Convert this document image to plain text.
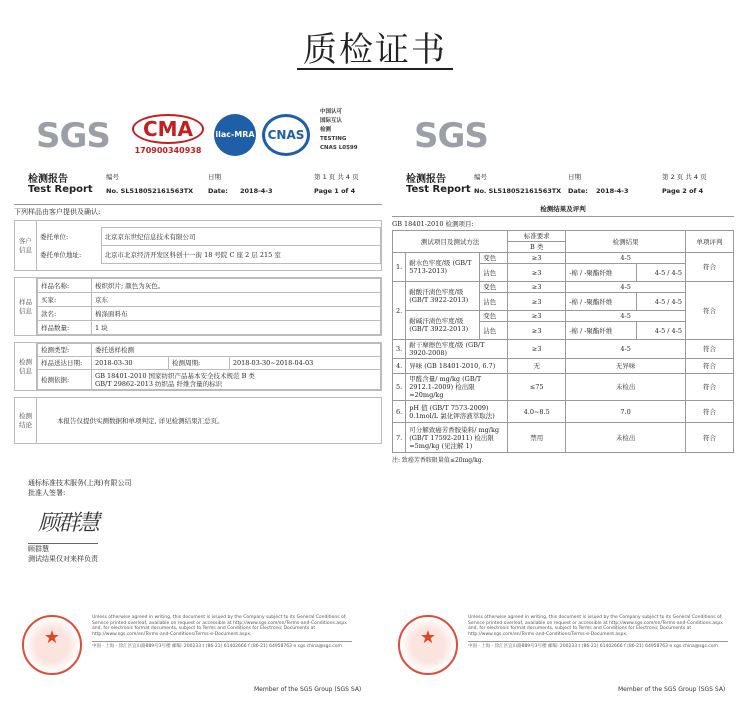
质检证书
SGS	CMA
170900340938
ilac-MRA	CNAS
中国认可
国际互认
检测
TESTING
CNAS L0599
检测报告
Test Report
编号
No. SL518052161563TX
日期
Date: 2018-4-3
第 1 页 共 4 页
Page 1 of 4
下列样品由客户提供及确认:
客户信息	
委托单位:	北京京东世纪信息技术有限公司
委托单位地址:	北京市北京经济开发区科创十一街 18 号院 C 座 2 层 215 室
样品信息	
样品名称:	梭织织片; 颜色为灰色。
买家:	京东
款名:	棉涤面料布
样品数量:	1 块
检测信息	
检测类型:	委托送样检测
样品送达日期:	2018-03-30	检测周期:	2018-03-30~2018-04-03
检测依据:	GB 18401-2010 国家纺织产品基本安全技术规范 B 类
GB/T 29862-2013 纺织品 纤维含量的标识
检测结论	本报告仅提供实测数据和单项判定, 详见检测结果汇总页。
SGS
检测报告
Test Report
编号
No. SL518052161563TX
日期
Date: 2018-4-3
第 2 页 共 4 页
Page 2 of 4
检测结果及评判
GB 18401-2010 检测项目:
测试项目及测试方法			标准要求	检测结果		单项评判
			B 类			
1.	耐水色牢度/级 (GB/T 5713-2013)	变色	≥3	4-5		符合
		沾色	≥3	-棉 / -聚酯纤维	4-5 / 4-5	
2.	耐酸汗渍色牢度/级 (GB/T 3922-2013)	变色	≥3	4-5		符合
		沾色	≥3	-棉 / -聚酯纤维	4-5 / 4-5	
	耐碱汗渍色牢度/级 (GB/T 3922-2013)	变色	≥3	4-5		
		沾色	≥3	-棉 / -聚酯纤维	4-5 / 4-5	
3.	耐干摩擦色牢度/级 (GB/T 3920-2008)		≥3	4-5		符合
4.	异味 (GB 18401-2010, 6.7)		无	无异味		符合
5.	甲醛含量/ mg/kg (GB/T 2912.1-2009) 检出限=20mg/kg		≤75	未检出		符合
6.	pH 值 (GB/T 7573-2009) 0.1mol/L 氯化钾溶液萃取法)		4.0~8.5	7.0		符合
7.	可分解致癌芳香胺染料/ mg/kg (GB/T 17592-2011) 检出限=5mg/kg (见注解 1)		禁用	未检出		符合
注: 致癌芳香胺限量值≤20mg/kg.
通标标准技术服务(上海)有限公司
批准人签署:
顾群慧
顾群慧
测试结果仅对来样负责
★
Unless otherwise agreed in writing, this document is issued by the Company subject to its General Conditions of Service printed overleaf, available on request or accessible at http://www.sgs.com/en/Terms-and-Conditions.aspx and, for electronic format documents, subject to Terms and Conditions for Electronic Documents at http://www.sgs.com/en/Terms-and-Conditions/Terms-e-Document.aspx.
中国 · 上海 · 徐汇区宜山路889号3号楼 邮编: 200233 t (86-21) 61402666 f (86-21) 64958763 e sgs.china@sgs.com	★
Unless otherwise agreed in writing, this document is issued by the Company subject to its General Conditions of Service printed overleaf, available on request or accessible at http://www.sgs.com/en/Terms-and-Conditions.aspx and, for electronic format documents, subject to Terms and Conditions for Electronic Documents at http://www.sgs.com/en/Terms-and-Conditions/Terms-e-Document.aspx.
中国 · 上海 · 徐汇区宜山路889号3号楼 邮编: 200233 t (86-21) 61402666 f (86-21) 64958763 e sgs.china@sgs.com
Member of the SGS Group (SGS SA)	Member of the SGS Group (SGS SA)
